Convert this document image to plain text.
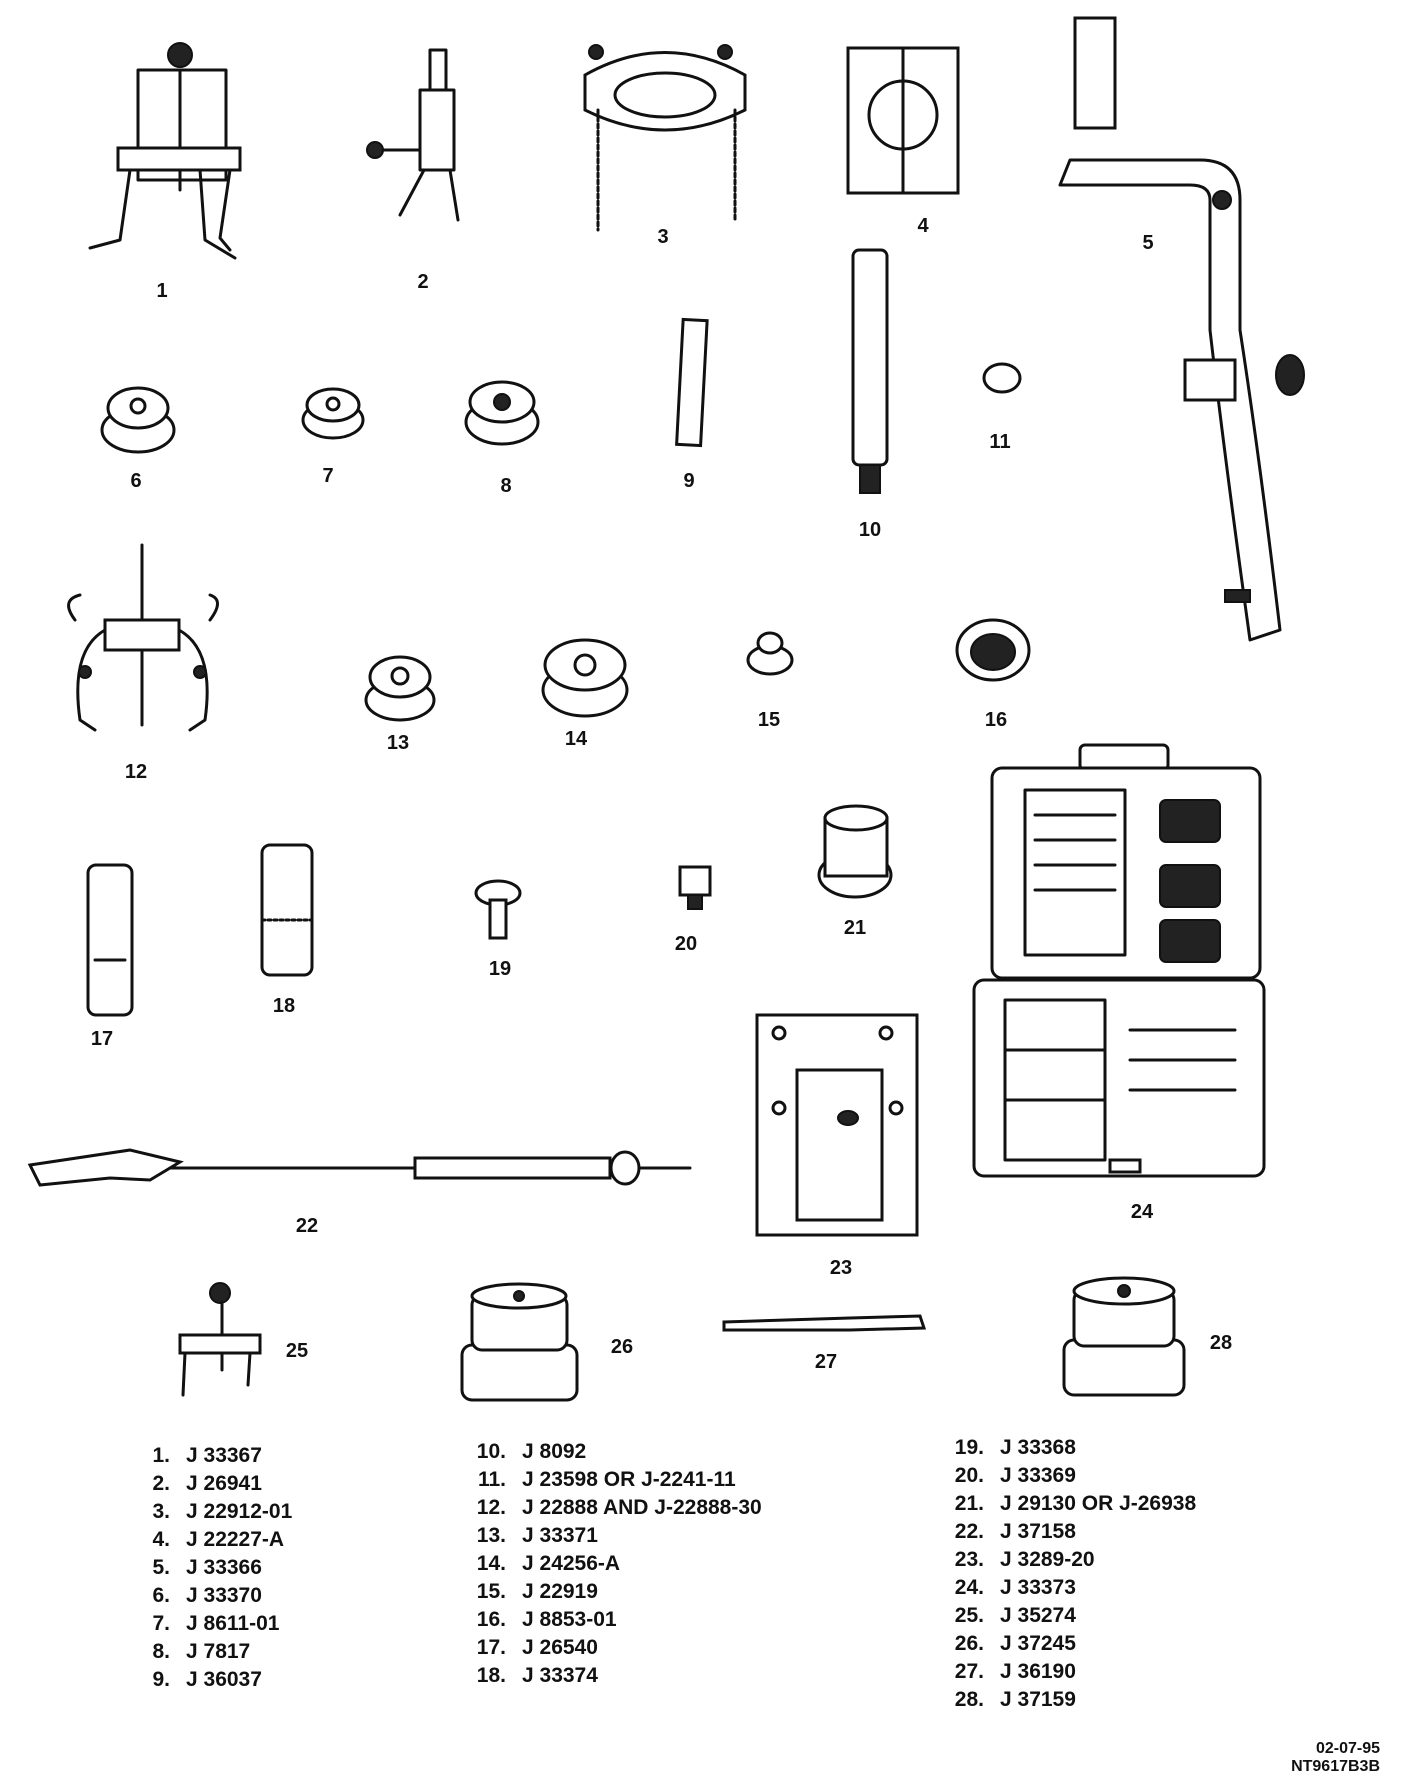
1	2
3	4
5
6	7	8	9
10
11
12
13	14
15	16
17
18
19
20
21
22
23
24
25	26
27
28
1. J 33367
2. J 26941
3. J 22912-01
4. J 22227-A
5. J 33366
6. J 33370
7. J 8611-01
8. J 7817
9. J 36037
10. J 8092
11. J 23598 OR J-2241-11
12. J 22888 AND J-22888-30
13. J 33371
14. J 24256-A
15. J 22919
16. J 8853-01
17. J 26540
18. J 33374
19. J 33368
20. J 33369
21. J 29130 OR J-26938
22. J 37158
23. J 3289-20
24. J 33373
25. J 35274
26. J 37245
27. J 36190
28. J 37159
02-07-95
NT9617B3B
